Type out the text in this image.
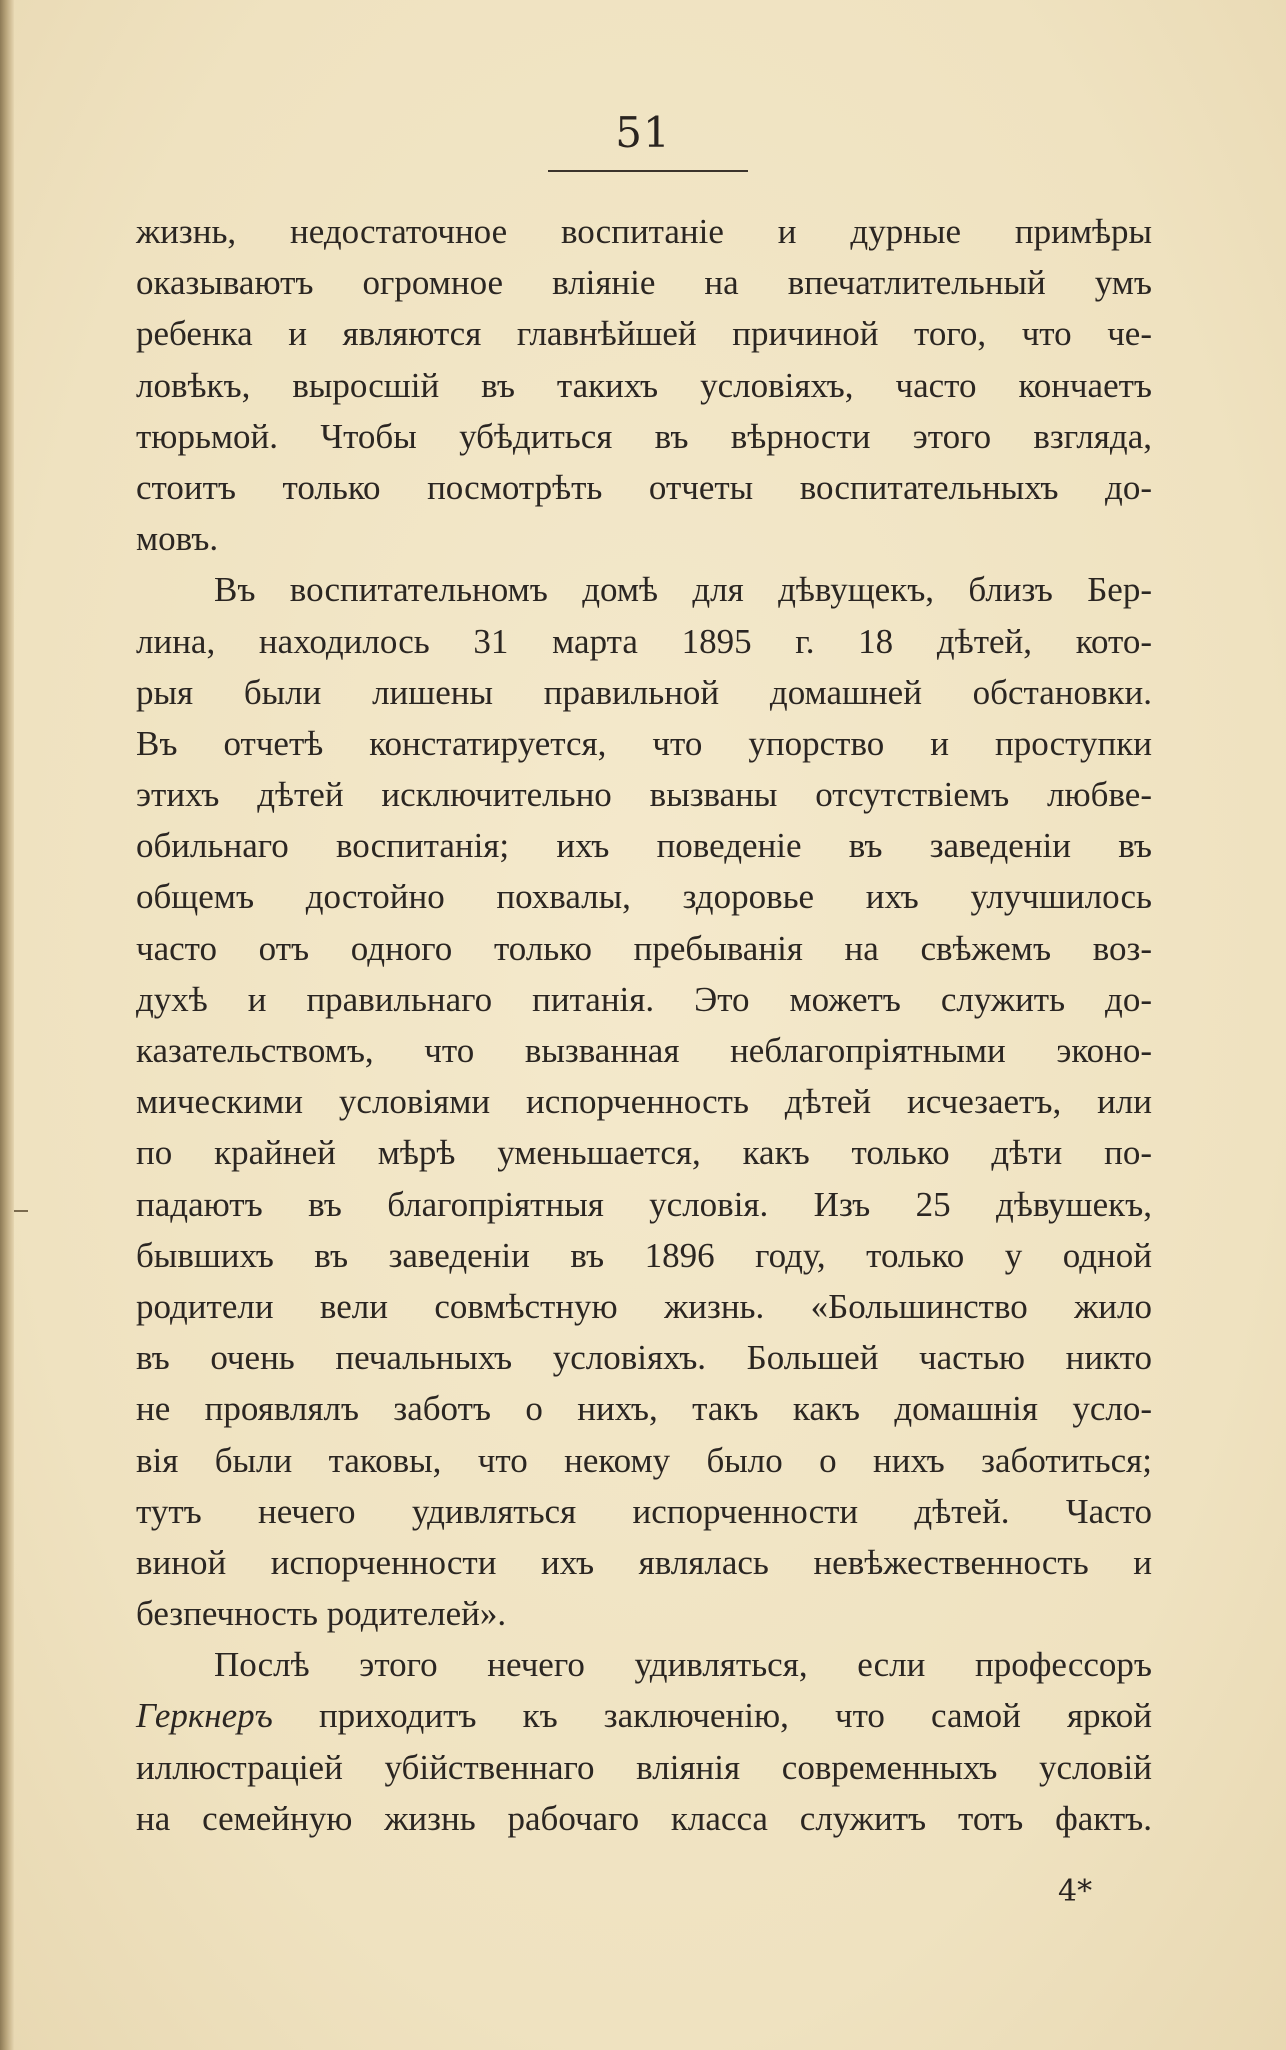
51
жизнь, недостаточное воспитаніе и дурные примѣры
оказываютъ огромное вліяніе на впечатлительный умъ
ребенка и являются главнѣйшей причиной того, что че-
ловѣкъ, выросшій въ такихъ условіяхъ, часто кончаетъ
тюрьмой. Чтобы убѣдиться въ вѣрности этого взгляда,
стоитъ только посмотрѣть отчеты воспитательныхъ до-
мовъ.
Въ воспитательномъ домѣ для дѣвущекъ, близъ Бер-
лина, находилось 31 марта 1895 г. 18 дѣтей, кото-
рыя были лишены правильной домашней обстановки.
Въ отчетѣ констатируется, что упорство и проступки
этихъ дѣтей исключительно вызваны отсутствіемъ любве-
обильнаго воспитанія; ихъ поведеніе въ заведеніи въ
общемъ достойно похвалы, здоровье ихъ улучшилось
часто отъ одного только пребыванія на свѣжемъ воз-
духѣ и правильнаго питанія. Это можетъ служить до-
казательствомъ, что вызванная неблагопріятными эконо-
мическими условіями испорченность дѣтей исчезаетъ, или
по крайней мѣрѣ уменьшается, какъ только дѣти по-
падаютъ въ благопріятныя условія. Изъ 25 дѣвушекъ,
бывшихъ въ заведеніи въ 1896 году, только у одной
родители вели совмѣстную жизнь. «Большинство жило
въ очень печальныхъ условіяхъ. Большей частью никто
не проявлялъ заботъ о нихъ, такъ какъ домашнія усло-
вія были таковы, что некому было о нихъ заботиться;
тутъ нечего удивляться испорченности дѣтей. Часто
виной испорченности ихъ являлась невѣжественность и
безпечность родителей».
Послѣ этого нечего удивляться, если профессоръ
Геркнеръ приходитъ къ заключенію, что самой яркой
иллюстраціей убійственнаго вліянія современныхъ условій
на семейную жизнь рабочаго класса служитъ тотъ фактъ.
4*
